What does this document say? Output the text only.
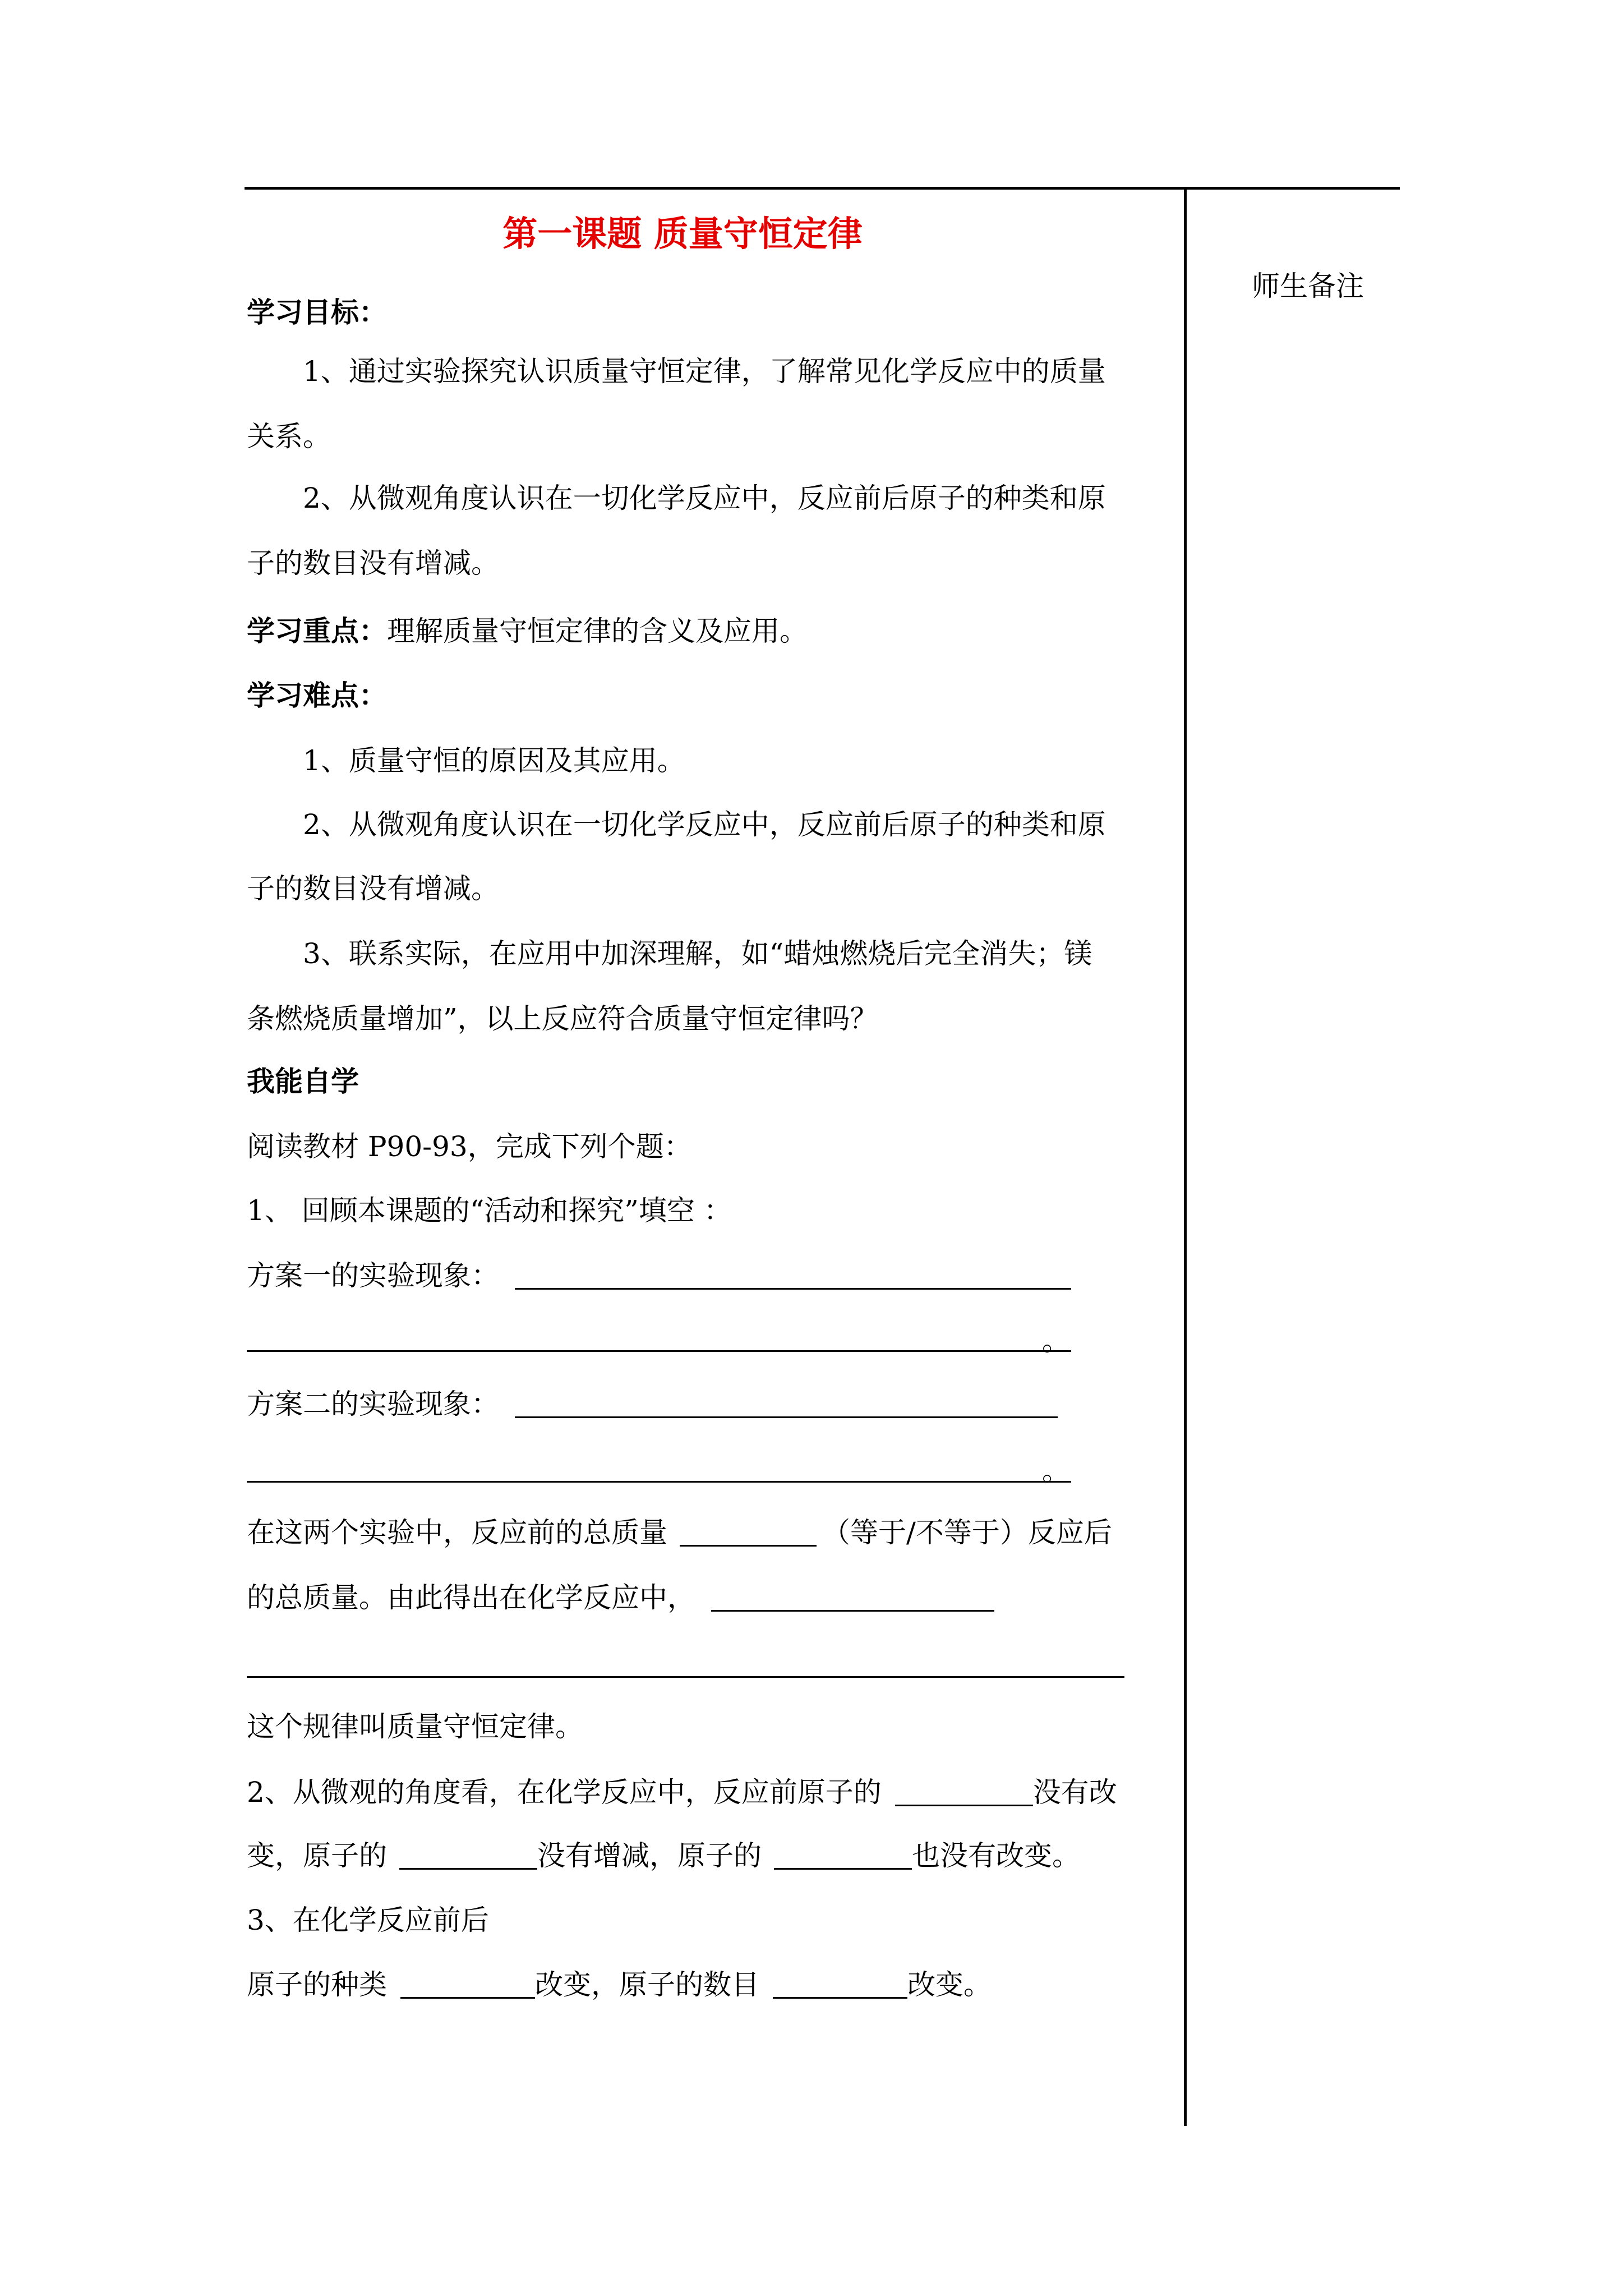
师生备注
第一课题 质量守恒定律
学习目标：
1、通过实验探究认识质量守恒定律，了解常见化学反应中的质量
关系。
2、从微观角度认识在一切化学反应中，反应前后原子的种类和原
子的数目没有增减。
学习重点：理解质量守恒定律的含义及应用。
学习难点：
1、质量守恒的原因及其应用。
2、从微观角度认识在一切化学反应中，反应前后原子的种类和原
子的数目没有增减。
3、联系实际，在应用中加深理解，如“蜡烛燃烧后完全消失；镁
条燃烧质量增加”，以上反应符合质量守恒定律吗？
我能自学
阅读教材 P90-93，完成下列个题：
1、 回顾本课题的“活动和探究”填空 ：
方案一的实验现象：
。
方案二的实验现象：
。
在这两个实验中，反应前的总质量	（等于/不等于）反应后
的总质量。由此得出在化学反应中，
这个规律叫质量守恒定律。
2、从微观的角度看，在化学反应中，反应前原子的	没有改
变，原子的	没有增减，原子的	也没有改变。
3、在化学反应前后
原子的种类	改变，原子的数目	改变。
